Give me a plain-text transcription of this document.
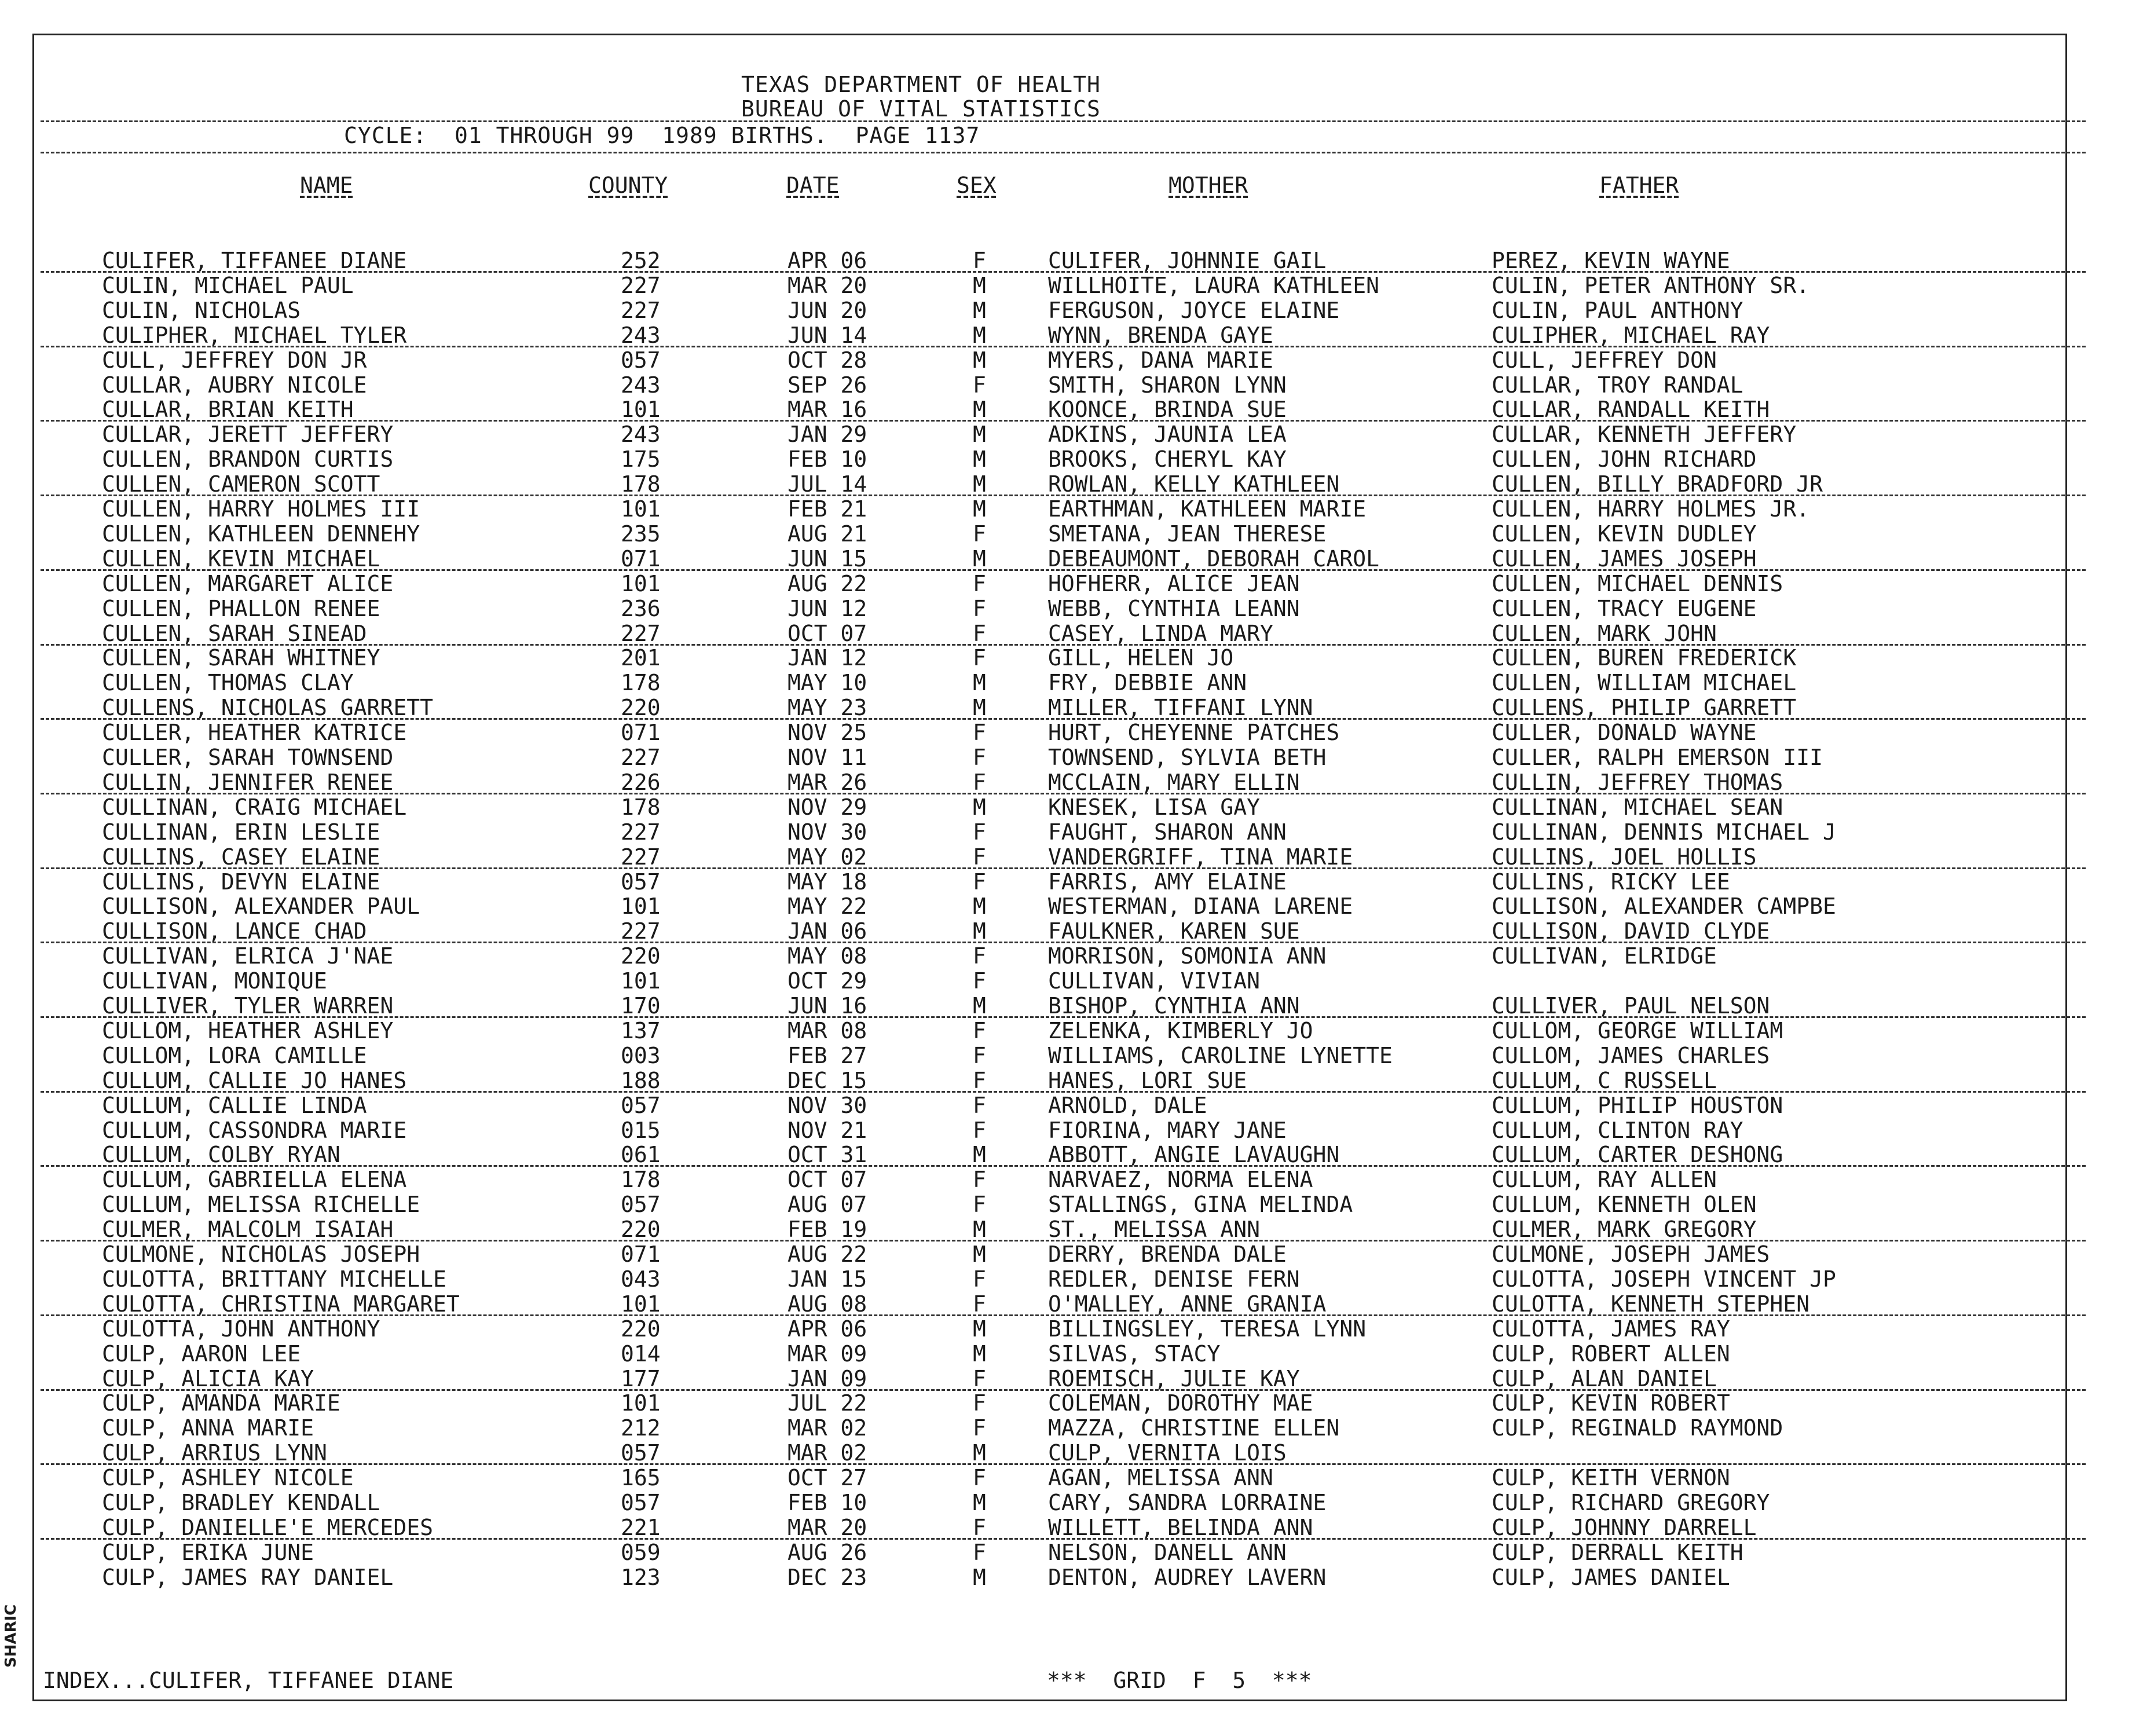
SHARIC
TEXAS DEPARTMENT OF HEALTH
BUREAU OF VITAL STATISTICS
CYCLE:  01 THROUGH 99  1989 BIRTHS.  PAGE 1137
NAME	COUNTY	DATE	SEX	MOTHER	FATHER
CULIFER, TIFFANEE DIANE	252	APR 06	F	CULIFER, JOHNNIE GAIL	PEREZ, KEVIN WAYNE
CULIN, MICHAEL PAUL	227	MAR 20	M	WILLHOITE, LAURA KATHLEEN	CULIN, PETER ANTHONY SR.
CULIN, NICHOLAS	227	JUN 20	M	FERGUSON, JOYCE ELAINE	CULIN, PAUL ANTHONY
CULIPHER, MICHAEL TYLER	243	JUN 14	M	WYNN, BRENDA GAYE	CULIPHER, MICHAEL RAY
CULL, JEFFREY DON JR	057	OCT 28	M	MYERS, DANA MARIE	CULL, JEFFREY DON
CULLAR, AUBRY NICOLE	243	SEP 26	F	SMITH, SHARON LYNN	CULLAR, TROY RANDAL
CULLAR, BRIAN KEITH	101	MAR 16	M	KOONCE, BRINDA SUE	CULLAR, RANDALL KEITH
CULLAR, JERETT JEFFERY	243	JAN 29	M	ADKINS, JAUNIA LEA	CULLAR, KENNETH JEFFERY
CULLEN, BRANDON CURTIS	175	FEB 10	M	BROOKS, CHERYL KAY	CULLEN, JOHN RICHARD
CULLEN, CAMERON SCOTT	178	JUL 14	M	ROWLAN, KELLY KATHLEEN	CULLEN, BILLY BRADFORD JR
CULLEN, HARRY HOLMES III	101	FEB 21	M	EARTHMAN, KATHLEEN MARIE	CULLEN, HARRY HOLMES JR.
CULLEN, KATHLEEN DENNEHY	235	AUG 21	F	SMETANA, JEAN THERESE	CULLEN, KEVIN DUDLEY
CULLEN, KEVIN MICHAEL	071	JUN 15	M	DEBEAUMONT, DEBORAH CAROL	CULLEN, JAMES JOSEPH
CULLEN, MARGARET ALICE	101	AUG 22	F	HOFHERR, ALICE JEAN	CULLEN, MICHAEL DENNIS
CULLEN, PHALLON RENEE	236	JUN 12	F	WEBB, CYNTHIA LEANN	CULLEN, TRACY EUGENE
CULLEN, SARAH SINEAD	227	OCT 07	F	CASEY, LINDA MARY	CULLEN, MARK JOHN
CULLEN, SARAH WHITNEY	201	JAN 12	F	GILL, HELEN JO	CULLEN, BUREN FREDERICK
CULLEN, THOMAS CLAY	178	MAY 10	M	FRY, DEBBIE ANN	CULLEN, WILLIAM MICHAEL
CULLENS, NICHOLAS GARRETT	220	MAY 23	M	MILLER, TIFFANI LYNN	CULLENS, PHILIP GARRETT
CULLER, HEATHER KATRICE	071	NOV 25	F	HURT, CHEYENNE PATCHES	CULLER, DONALD WAYNE
CULLER, SARAH TOWNSEND	227	NOV 11	F	TOWNSEND, SYLVIA BETH	CULLER, RALPH EMERSON III
CULLIN, JENNIFER RENEE	226	MAR 26	F	MCCLAIN, MARY ELLIN	CULLIN, JEFFREY THOMAS
CULLINAN, CRAIG MICHAEL	178	NOV 29	M	KNESEK, LISA GAY	CULLINAN, MICHAEL SEAN
CULLINAN, ERIN LESLIE	227	NOV 30	F	FAUGHT, SHARON ANN	CULLINAN, DENNIS MICHAEL J
CULLINS, CASEY ELAINE	227	MAY 02	F	VANDERGRIFF, TINA MARIE	CULLINS, JOEL HOLLIS
CULLINS, DEVYN ELAINE	057	MAY 18	F	FARRIS, AMY ELAINE	CULLINS, RICKY LEE
CULLISON, ALEXANDER PAUL	101	MAY 22	M	WESTERMAN, DIANA LARENE	CULLISON, ALEXANDER CAMPBE
CULLISON, LANCE CHAD	227	JAN 06	M	FAULKNER, KAREN SUE	CULLISON, DAVID CLYDE
CULLIVAN, ELRICA J'NAE	220	MAY 08	F	MORRISON, SOMONIA ANN	CULLIVAN, ELRIDGE
CULLIVAN, MONIQUE	101	OCT 29	F	CULLIVAN, VIVIAN
CULLIVER, TYLER WARREN	170	JUN 16	M	BISHOP, CYNTHIA ANN	CULLIVER, PAUL NELSON
CULLOM, HEATHER ASHLEY	137	MAR 08	F	ZELENKA, KIMBERLY JO	CULLOM, GEORGE WILLIAM
CULLOM, LORA CAMILLE	003	FEB 27	F	WILLIAMS, CAROLINE LYNETTE	CULLOM, JAMES CHARLES
CULLUM, CALLIE JO HANES	188	DEC 15	F	HANES, LORI SUE	CULLUM, C RUSSELL
CULLUM, CALLIE LINDA	057	NOV 30	F	ARNOLD, DALE	CULLUM, PHILIP HOUSTON
CULLUM, CASSONDRA MARIE	015	NOV 21	F	FIORINA, MARY JANE	CULLUM, CLINTON RAY
CULLUM, COLBY RYAN	061	OCT 31	M	ABBOTT, ANGIE LAVAUGHN	CULLUM, CARTER DESHONG
CULLUM, GABRIELLA ELENA	178	OCT 07	F	NARVAEZ, NORMA ELENA	CULLUM, RAY ALLEN
CULLUM, MELISSA RICHELLE	057	AUG 07	F	STALLINGS, GINA MELINDA	CULLUM, KENNETH OLEN
CULMER, MALCOLM ISAIAH	220	FEB 19	M	ST., MELISSA ANN	CULMER, MARK GREGORY
CULMONE, NICHOLAS JOSEPH	071	AUG 22	M	DERRY, BRENDA DALE	CULMONE, JOSEPH JAMES
CULOTTA, BRITTANY MICHELLE	043	JAN 15	F	REDLER, DENISE FERN	CULOTTA, JOSEPH VINCENT JP
CULOTTA, CHRISTINA MARGARET	101	AUG 08	F	O'MALLEY, ANNE GRANIA	CULOTTA, KENNETH STEPHEN
CULOTTA, JOHN ANTHONY	220	APR 06	M	BILLINGSLEY, TERESA LYNN	CULOTTA, JAMES RAY
CULP, AARON LEE	014	MAR 09	M	SILVAS, STACY	CULP, ROBERT ALLEN
CULP, ALICIA KAY	177	JAN 09	F	ROEMISCH, JULIE KAY	CULP, ALAN DANIEL
CULP, AMANDA MARIE	101	JUL 22	F	COLEMAN, DOROTHY MAE	CULP, KEVIN ROBERT
CULP, ANNA MARIE	212	MAR 02	F	MAZZA, CHRISTINE ELLEN	CULP, REGINALD RAYMOND
CULP, ARRIUS LYNN	057	MAR 02	M	CULP, VERNITA LOIS
CULP, ASHLEY NICOLE	165	OCT 27	F	AGAN, MELISSA ANN	CULP, KEITH VERNON
CULP, BRADLEY KENDALL	057	FEB 10	M	CARY, SANDRA LORRAINE	CULP, RICHARD GREGORY
CULP, DANIELLE'E MERCEDES	221	MAR 20	F	WILLETT, BELINDA ANN	CULP, JOHNNY DARRELL
CULP, ERIKA JUNE	059	AUG 26	F	NELSON, DANELL ANN	CULP, DERRALL KEITH
CULP, JAMES RAY DANIEL	123	DEC 23	M	DENTON, AUDREY LAVERN	CULP, JAMES DANIEL
INDEX...CULIFER, TIFFANEE DIANE	***  GRID  F  5  ***
